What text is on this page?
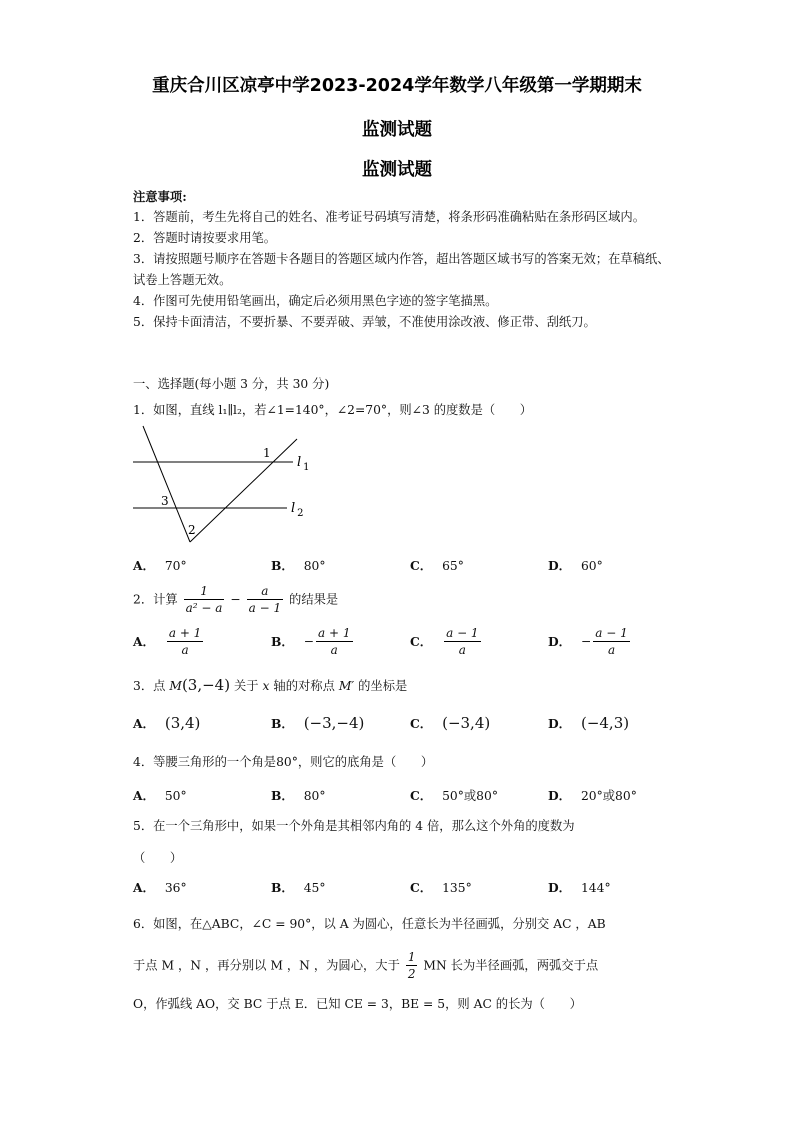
重庆合川区凉亭中学2023-2024学年数学八年级第一学期期末
监测试题
监测试题
注意事项:
1．答题前，考生先将自己的姓名、准考证号码填写清楚，将条形码准确粘贴在条形码区域内。
2．答题时请按要求用笔。
3．请按照题号顺序在答题卡各题目的答题区域内作答，超出答题区域书写的答案无效；在草稿纸、试卷上答题无效。
4．作图可先使用铅笔画出，确定后必须用黑色字迹的签字笔描黑。
5．保持卡面清洁，不要折暴、不要弄破、弄皱，不准使用涂改液、修正带、刮纸刀。
一、选择题(每小题 3 分，共 30 分)
1．如图，直线 l₁∥l₂，若∠1=140°，∠2=70°，则∠3 的度数是（　　）
1
3
2
l $_1$
l $_2$
A． 70°	B． 80°	C． 65°	D． 60°
2．计算 $\frac{1}{\text{a² − a}} - \frac{a}{a - 1}$ 的结果是
A． $\frac{a + 1}{a}$	B． − $\frac{a + 1}{a}$	C． $\frac{a - 1}{a}$	D． − $\frac{a - 1}{a}$
3．点 M(3,−4) 关于 x 轴的对称点 M′ 的坐标是
A． (3,4)	B． (−3,−4)	C． (−3,4)	D． (−4,3)
4．等腰三角形的一个角是80°，则它的底角是（　　）
A． 50°	B． 80°	C． 50°或80°	D． 20°或80°
5．在一个三角形中，如果一个外角是其相邻内角的 4 倍，那么这个外角的度数为
（　　）
A． 36°	B． 45°	C． 135°	D． 144°
6．如图，在△ABC，∠C = 90°，以 A 为圆心，任意长为半径画弧，分别交 AC ，AB
于点 M ，N ，再分别以 M ，N ，为圆心，大于 $\frac{1}{2}$ MN 长为半径画弧，两弧交于点
O，作弧线 AO，交 BC 于点 E．已知 CE = 3，BE = 5，则 AC 的长为（　　）
